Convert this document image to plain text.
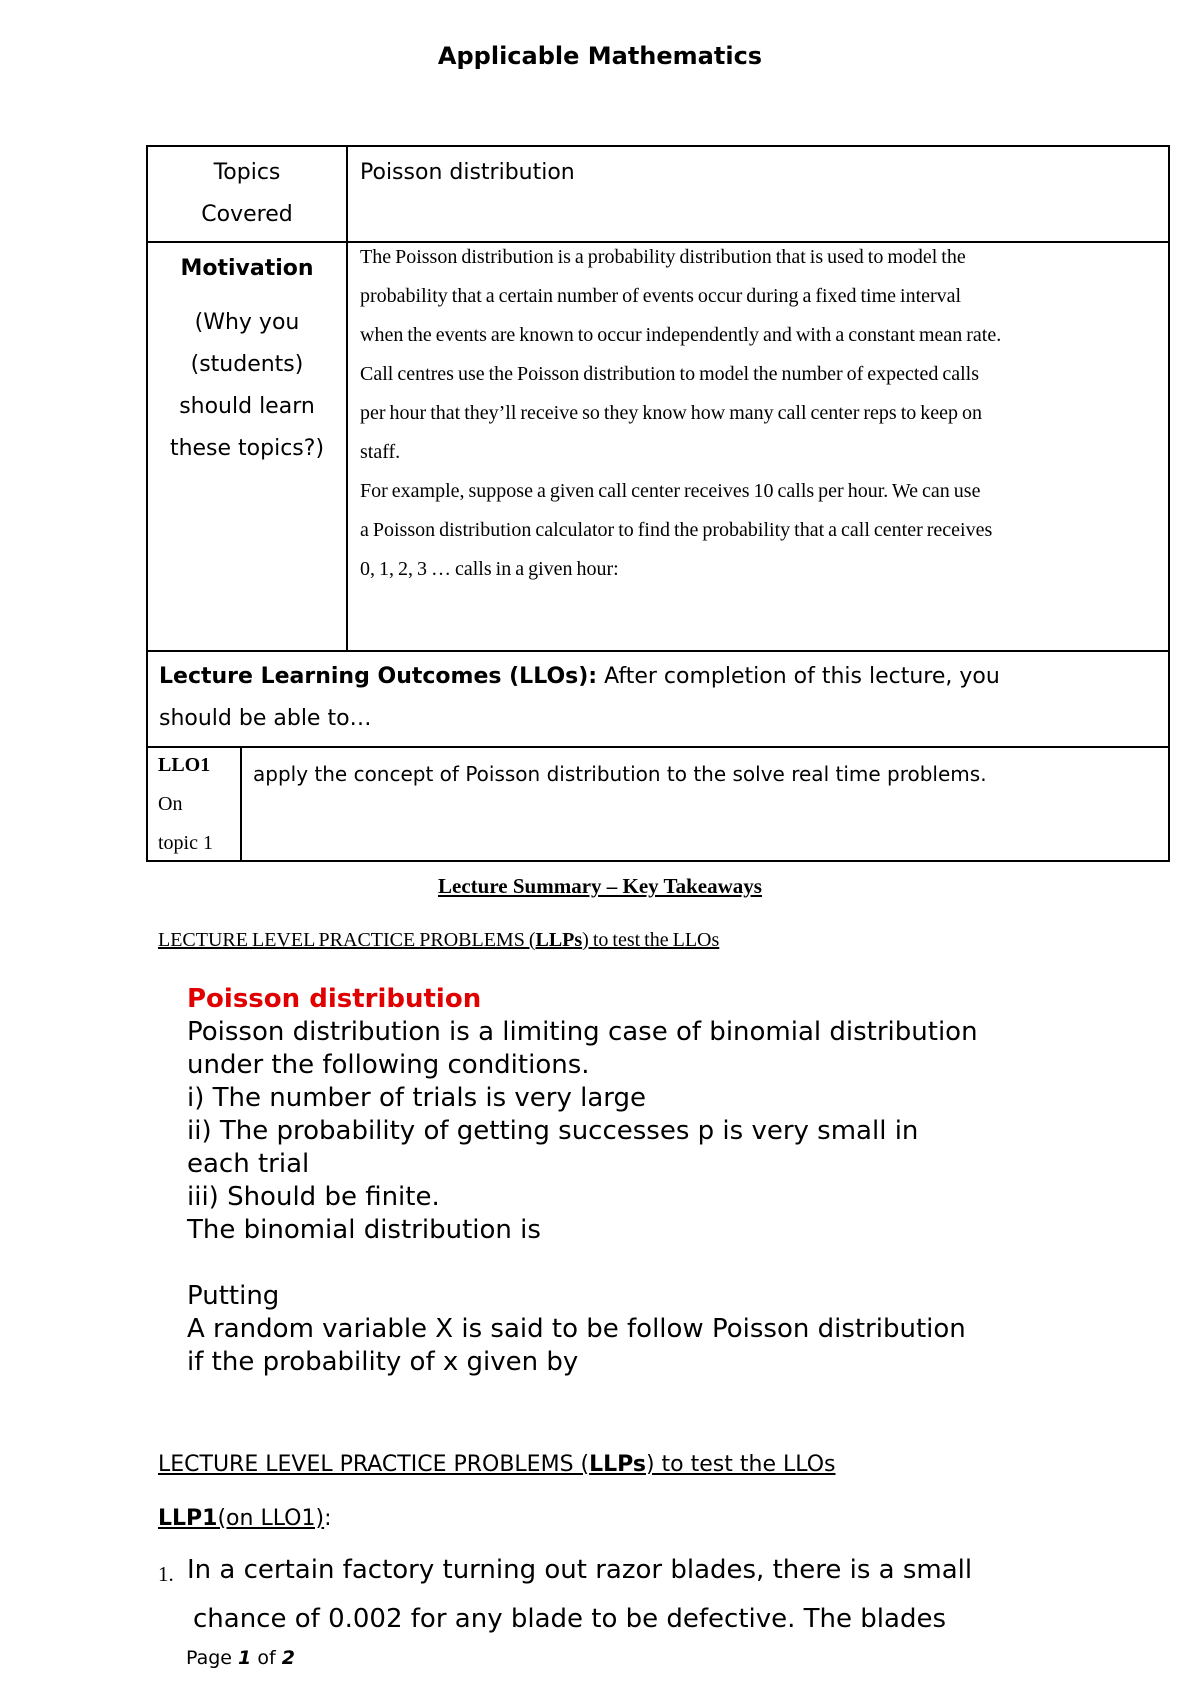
Applicable Mathematics
Topics
Covered
Poisson distribution
Motivation
(Why you
(students)
should learn
these topics?)
The Poisson distribution is a probability distribution that is used to model the
probability that a certain number of events occur during a fixed time interval
when the events are known to occur independently and with a constant mean rate.
Call centres use the Poisson distribution to model the number of expected calls
per hour that they’ll receive so they know how many call center reps to keep on
staff.
For example, suppose a given call center receives 10 calls per hour. We can use
a Poisson distribution calculator to find the probability that a call center receives
0, 1, 2, 3 … calls in a given hour:
Lecture Learning Outcomes (LLOs): After completion of this lecture, you
should be able to…
LLO1
On
topic 1
apply the concept of Poisson distribution to the solve real time problems.
Lecture Summary – Key Takeaways
LECTURE LEVEL PRACTICE PROBLEMS (LLPs) to test the LLOs
Poisson distribution
Poisson distribution is a limiting case of binomial distribution
under the following conditions.
i) The number of trials is very large
ii) The probability of getting successes p is very small in
each trial
iii) Should be finite.
The binomial distribution is
Putting
A random variable X is said to be follow Poisson distribution
if the probability of x given by
LECTURE LEVEL PRACTICE PROBLEMS (LLPs) to test the LLOs
LLP1(on LLO1):
1. In a certain factory turning out razor blades, there is a small
chance of 0.002 for any blade to be defective. The blades
Page 1 of 2
